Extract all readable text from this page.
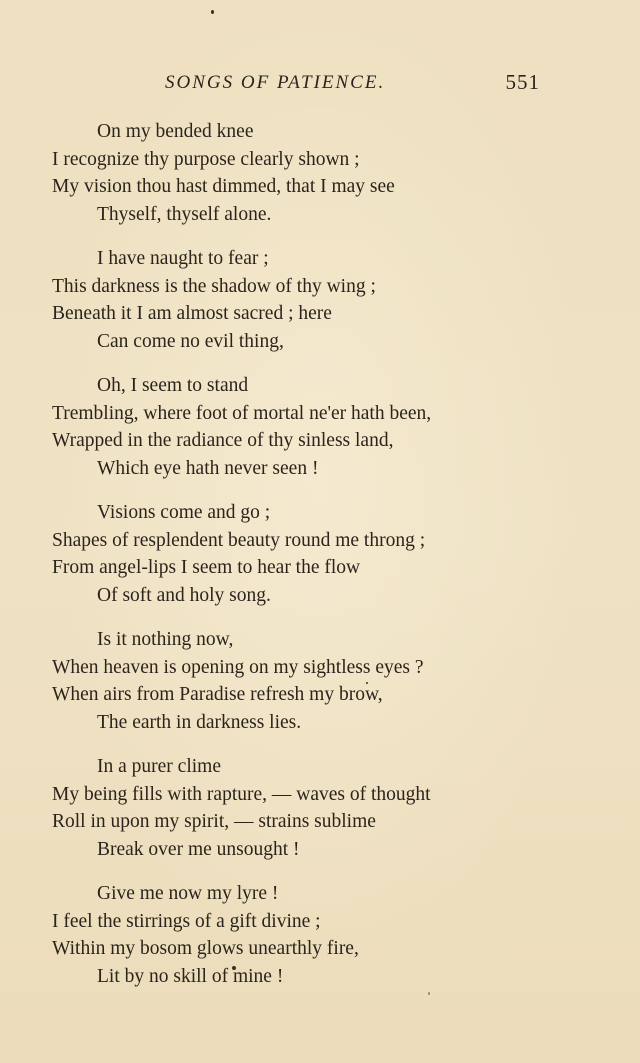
SONGS OF PATIENCE.	551
On my bended knee
I recognize thy purpose clearly shown ;
My vision thou hast dimmed, that I may see
Thyself, thyself alone.
I have naught to fear ;
This darkness is the shadow of thy wing ;
Beneath it I am almost sacred ; here
Can come no evil thing,
Oh, I seem to stand
Trembling, where foot of mortal ne'er hath been,
Wrapped in the radiance of thy sinless land,
Which eye hath never seen !
Visions come and go ;
Shapes of resplendent beauty round me throng ;
From angel-lips I seem to hear the flow
Of soft and holy song.
Is it nothing now,
When heaven is opening on my sightless eyes ?
When airs from Paradise refresh my brow,
The earth in darkness lies.
In a purer clime
My being fills with rapture, — waves of thought
Roll in upon my spirit, — strains sublime
Break over me unsought !
Give me now my lyre !
I feel the stirrings of a gift divine ;
Within my bosom glows unearthly fire,
Lit by no skill of mine !
